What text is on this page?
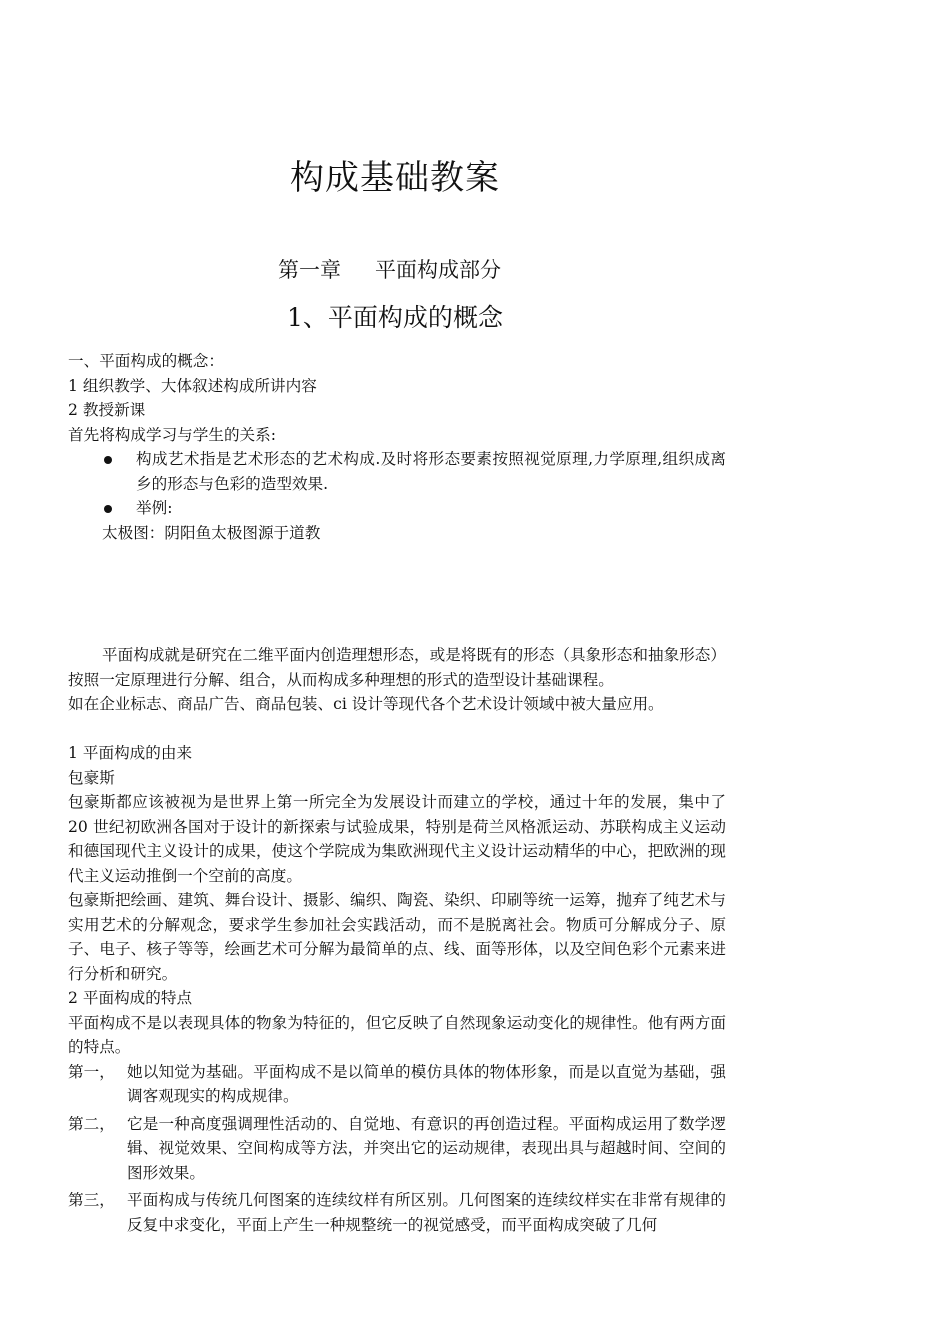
构成基础教案
第一章 平面构成部分
1、平面构成的概念

一、平面构成的概念：

1 组织教学、大体叙述构成所讲内容

2 教授新课

首先将构成学习与学生的关系:

构成艺术指是艺术形态的艺术构成.及时将形态要素按照视觉原理,力学原理,组织成离乡的形态与色彩的造型效果.
举例:

太极图：阴阳鱼太极图源于道教

平面构成就是研究在二维平面内创造理想形态，或是将既有的形态（具象形态和抽象形态）按照一定原理进行分解、组合，从而构成多种理想的形式的造型设计基础课程。

如在企业标志、商品广告、商品包装、ci 设计等现代各个艺术设计领域中被大量应用。

1 平面构成的由来

包豪斯

包豪斯都应该被视为是世界上第一所完全为发展设计而建立的学校，通过十年的发展，集中了 20 世纪初欧洲各国对于设计的新探索与试验成果，特别是荷兰风格派运动、苏联构成主义运动和德国现代主义设计的成果，使这个学院成为集欧洲现代主义设计运动精华的中心，把欧洲的现代主义运动推倒一个空前的高度。

包豪斯把绘画、建筑、舞台设计、摄影、编织、陶瓷、染织、印刷等统一运筹，抛弃了纯艺术与实用艺术的分解观念，要求学生参加社会实践活动，而不是脱离社会。物质可分解成分子、原子、电子、核子等等，绘画艺术可分解为最简单的点、线、面等形体，以及空间色彩个元素来进行分析和研究。

2 平面构成的特点

平面构成不是以表现具体的物象为特征的，但它反映了自然现象运动变化的规律性。他有两方面的特点。

第一， 她以知觉为基础。平面构成不是以简单的模仿具体的物体形象，而是以直觉为基础，强调客观现实的构成规律。
第二， 它是一种高度强调理性活动的、自觉地、有意识的再创造过程。平面构成运用了数学逻辑、视觉效果、空间构成等方法，并突出它的运动规律，表现出具与超越时间、空间的图形效果。
第三， 平面构成与传统几何图案的连续纹样有所区别。几何图案的连续纹样实在非常有规律的反复中求变化，平面上产生一种规整统一的视觉感受，而平面构成突破了几何
